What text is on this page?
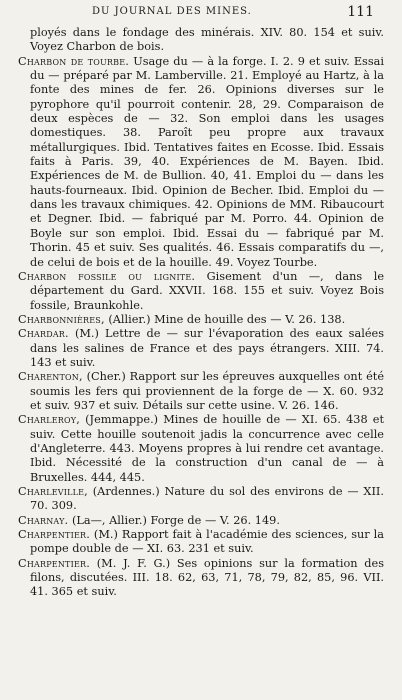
DU JOURNAL DES MINES.	111

ployés dans le fondage des minérais. XIV. 80. 154 et suiv. Voyez Charbon de bois.

Charbon de tourbe. Usage du — à la forge. I. 2. 9 et suiv. Essai du — préparé par M. Lamberville. 21. Employé au Hartz, à la fonte des mines de fer. 26. Opinions diverses sur le pyrophore qu'il pourroit contenir. 28, 29. Comparaison de deux espèces de — 32. Son emploi dans les usages domestiques. 38. Paroît peu propre aux travaux métallurgiques. Ibid. Tentatives faites en Ecosse. Ibid. Essais faits à Paris. 39, 40. Expériences de M. Bayen. Ibid. Expériences de M. de Bullion. 40, 41. Emploi du — dans les hauts-fourneaux. Ibid. Opinion de Becher. Ibid. Emploi du — dans les travaux chimiques. 42. Opinions de MM. Ribaucourt et Degner. Ibid. — fabriqué par M. Porro. 44. Opinion de Boyle sur son emploi. Ibid. Essai du — fabriqué par M. Thorin. 45 et suiv. Ses qualités. 46. Essais comparatifs du —, de celui de bois et de la houille. 49. Voyez Tourbe.

Charbon fossile ou lignite. Gisement d'un —, dans le département du Gard. XXVII. 168. 155 et suiv. Voyez Bois fossile, Braunkohle.

Charbonnières, (Allier.) Mine de houille des — V. 26. 138.

Chardar. (M.) Lettre de — sur l'évaporation des eaux salées dans les salines de France et des pays étrangers. XIII. 74. 143 et suiv.

Charenton, (Cher.) Rapport sur les épreuves auxquelles ont été soumis les fers qui proviennent de la forge de — X. 60. 932 et suiv. 937 et suiv. Détails sur cette usine. V. 26. 146.

Charleroy, (Jemmappe.) Mines de houille de — XI. 65. 438 et suiv. Cette houille soutenoit jadis la concurrence avec celle d'Angleterre. 443. Moyens propres à lui rendre cet avantage. Ibid. Nécessité de la construction d'un canal de — à Bruxelles. 444, 445.

Charleville, (Ardennes.) Nature du sol des environs de — XII. 70. 309.

Charnay. (La—, Allier.) Forge de — V. 26. 149.

Charpentier. (M.) Rapport fait à l'académie des sciences, sur la pompe double de — XI. 63. 231 et suiv.

Charpentier. (M. J. F. G.) Ses opinions sur la formation des filons, discutées. III. 18. 62, 63, 71, 78, 79, 82, 85, 96. VII. 41. 365 et suiv.
